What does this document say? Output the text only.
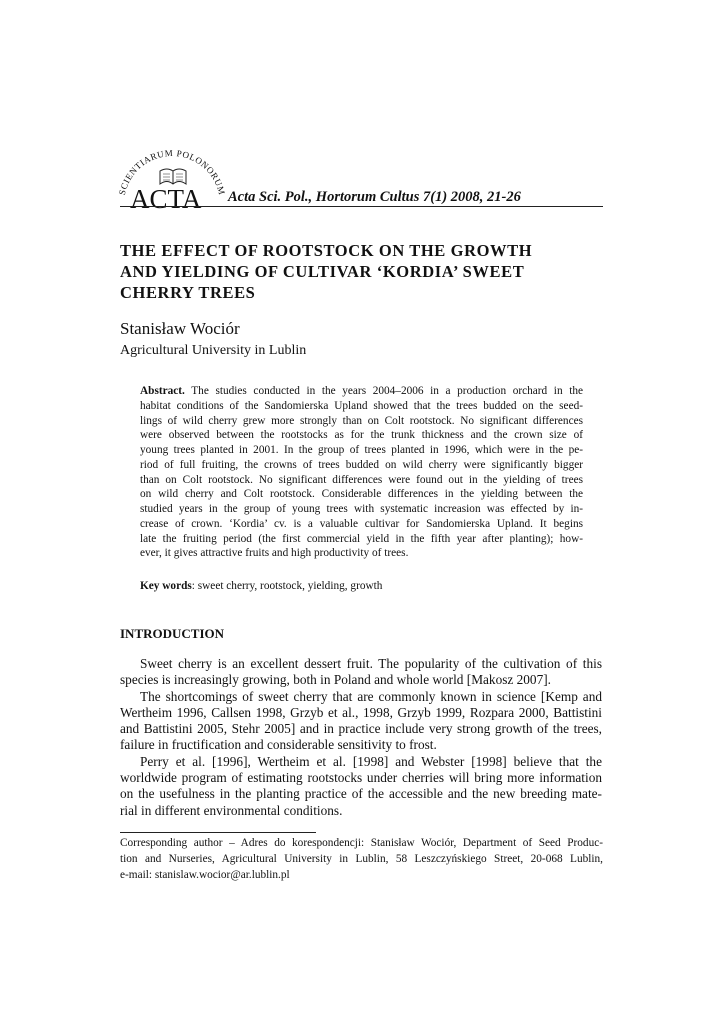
SCIENTIARUM POLONORUM
ACTA Acta Sci. Pol., Hortorum Cultus 7(1) 2008, 21-26
THE EFFECT OF ROOTSTOCK ON THE GROWTH
AND YIELDING OF CULTIVAR ‘KORDIA’ SWEET
CHERRY TREES
Stanisław Wociór
Agricultural University in Lublin
Abstract. The studies conducted in the years 2004–2006 in a production orchard in the
habitat conditions of the Sandomierska Upland showed that the trees budded on the seed-
lings of wild cherry grew more strongly than on Colt rootstock. No significant differences
were observed between the rootstocks as for the trunk thickness and the crown size of
young trees planted in 2001. In the group of trees planted in 1996, which were in the pe-
riod of full fruiting, the crowns of trees budded on wild cherry were significantly bigger
than on Colt rootstock. No significant differences were found out in the yielding of trees
on wild cherry and Colt rootstock. Considerable differences in the yielding between the
studied years in the group of young trees with systematic increasion was effected by in-
crease of crown. ‘Kordia’ cv. is a valuable cultivar for Sandomierska Upland. It begins
late the fruiting period (the first commercial yield in the fifth year after planting); how-
ever, it gives attractive fruits and high productivity of trees.
Key words: sweet cherry, rootstock, yielding, growth
INTRODUCTION
Sweet cherry is an excellent dessert fruit. The popularity of the cultivation of this
species is increasingly growing, both in Poland and whole world [Makosz 2007].
The shortcomings of sweet cherry that are commonly known in science [Kemp and
Wertheim 1996, Callsen 1998, Grzyb et al., 1998, Grzyb 1999, Rozpara 2000, Battistini
and Battistini 2005, Stehr 2005] and in practice include very strong growth of the trees,
failure in fructification and considerable sensitivity to frost.
Perry et al. [1996], Wertheim et al. [1998] and Webster [1998] believe that the
worldwide program of estimating rootstocks under cherries will bring more information
on the usefulness in the planting practice of the accessible and the new breeding mate-
rial in different environmental conditions.
Corresponding author – Adres do korespondencji: Stanisław Wociór, Department of Seed Produc-
tion and Nurseries, Agricultural University in Lublin, 58 Leszczyńskiego Street, 20-068 Lublin,
e-mail: stanislaw.wocior@ar.lublin.pl
